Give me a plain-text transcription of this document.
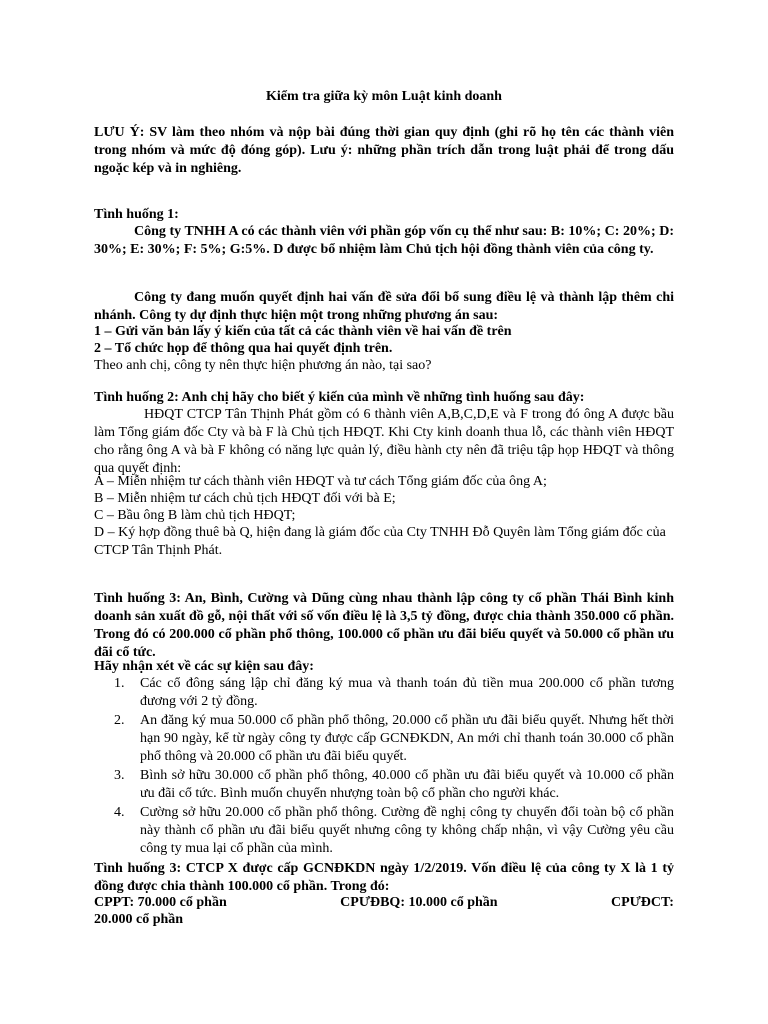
Kiểm tra giữa kỳ môn Luật kinh doanh

LƯU Ý: SV làm theo nhóm và nộp bài đúng thời gian quy định (ghi rõ họ tên các thành viên trong nhóm và mức độ đóng góp). Lưu ý: những phần trích dẫn trong luật phải để trong dấu ngoặc kép và in nghiêng.

Tình huống 1:

Công ty TNHH A có các thành viên với phần góp vốn cụ thể như sau: B: 10%; C: 20%; D: 30%; E: 30%; F: 5%; G:5%. D được bổ nhiệm làm Chủ tịch hội đồng thành viên của công ty.

Công ty đang muốn quyết định hai vấn đề sửa đổi bổ sung điều lệ và thành lập thêm chi nhánh. Công ty dự định thực hiện một trong những phương án sau:

1 – Gửi văn bản lấy ý kiến của tất cả các thành viên về hai vấn đề trên

2 – Tổ chức họp để thông qua hai quyết định trên.

Theo anh chị, công ty nên thực hiện phương án nào, tại sao?

Tình huống 2: Anh chị hãy cho biết ý kiến của mình về những tình huống sau đây:

HĐQT CTCP Tân Thịnh Phát gồm có 6 thành viên A,B,C,D,E và F trong đó ông A được bầu làm Tổng giám đốc Cty và bà F là Chủ tịch HĐQT. Khi Cty kinh doanh thua lỗ, các thành viên HĐQT cho rằng ông A và bà F không có năng lực quản lý, điều hành cty nên đã triệu tập họp HĐQT và thông qua quyết định:

A – Miễn nhiệm tư cách thành viên HĐQT và tư cách Tổng giám đốc của ông A;

B – Miễn nhiệm tư cách chủ tịch HĐQT đối với bà E;

C – Bầu ông B làm chủ tịch HĐQT;

D – Ký hợp đồng thuê bà Q, hiện đang là giám đốc của Cty TNHH Đỗ Quyên làm Tổng giám đốc của CTCP Tân Thịnh Phát.

Tình huống 3: An, Bình, Cường và Dũng cùng nhau thành lập công ty cổ phần Thái Bình kinh doanh sản xuất đồ gỗ, nội thất với số vốn điều lệ là 3,5 tỷ đồng, được chia thành 350.000 cổ phần. Trong đó có 200.000 cổ phần phổ thông, 100.000 cổ phần ưu đãi biểu quyết và 50.000 cổ phần ưu đãi cổ tức.

Hãy nhận xét về các sự kiện sau đây:

1. Các cổ đông sáng lập chỉ đăng ký mua và thanh toán đủ tiền mua 200.000 cổ phần tương đương với 2 tỷ đồng.
2. An đăng ký mua 50.000 cổ phần phổ thông, 20.000 cổ phần ưu đãi biểu quyết. Nhưng hết thời hạn 90 ngày, kể từ ngày công ty được cấp GCNĐKDN, An mới chỉ thanh toán 30.000 cổ phần phổ thông và 20.000 cổ phần ưu đãi biểu quyết.
3. Bình sở hữu 30.000 cổ phần phổ thông, 40.000 cổ phần ưu đãi biểu quyết và 10.000 cổ phần ưu đãi cổ tức. Bình muốn chuyển nhượng toàn bộ cổ phần cho người khác.
4. Cường sở hữu 20.000 cổ phần phổ thông. Cường đề nghị công ty chuyển đổi toàn bộ cổ phần này thành cổ phần ưu đãi biểu quyết nhưng công ty không chấp nhận, vì vậy Cường yêu cầu công ty mua lại cổ phần của mình.

Tình huống 3: CTCP X được cấp GCNĐKDN ngày 1/2/2019. Vốn điều lệ của công ty X là 1 tỷ đồng được chia thành 100.000 cổ phần. Trong đó:

CPPT: 70.000 cổ phần	CPƯĐBQ: 10.000 cổ phần	CPƯĐCT:

20.000 cổ phần
